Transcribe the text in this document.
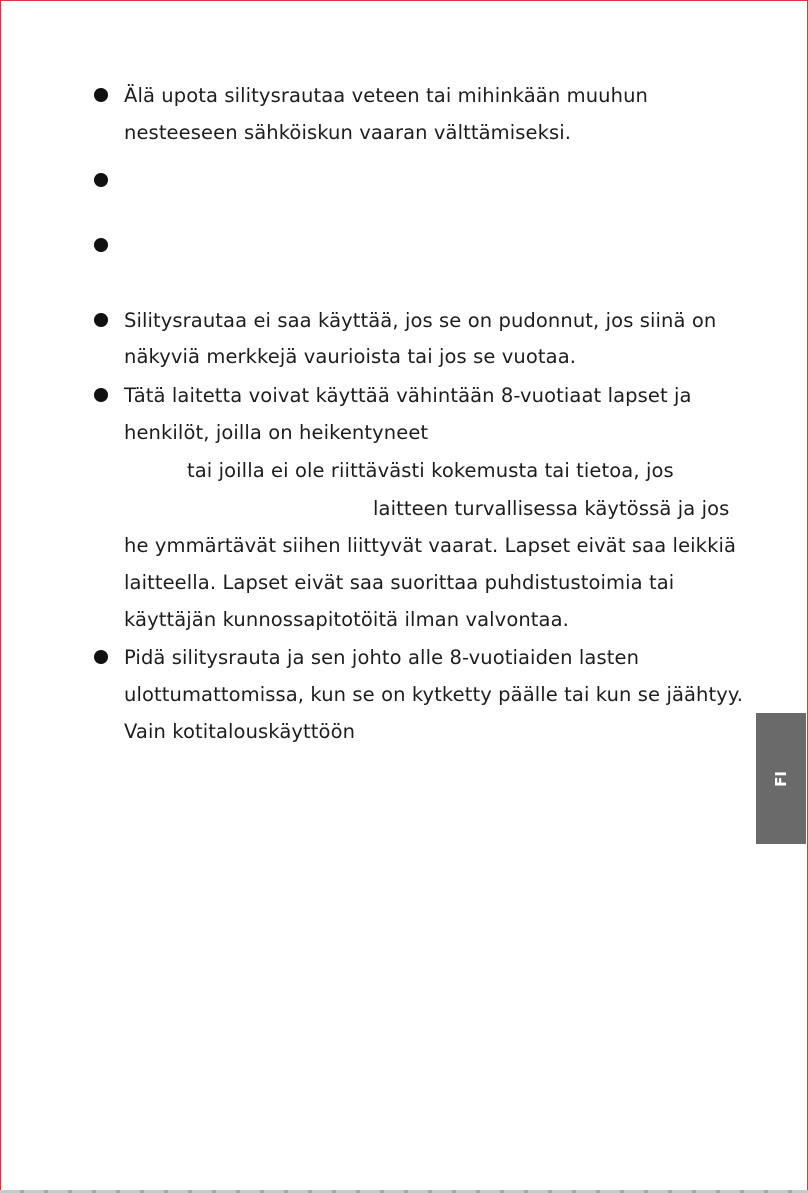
Älä upota silitysrautaa veteen tai mihinkään muuhun
nesteeseen sähköiskun vaaran välttämiseksi.
Silitysrautaa ei saa käyttää, jos se on pudonnut, jos siinä on
näkyviä merkkejä vaurioista tai jos se vuotaa.
Tätä laitetta voivat käyttää vähintään 8-vuotiaat lapset ja
henkilöt, joilla on heikentyneet
tai joilla ei ole riittävästi kokemusta tai tietoa, jos
laitteen turvallisessa käytössä ja jos
he ymmärtävät siihen liittyvät vaarat. Lapset eivät saa leikkiä
laitteella. Lapset eivät saa suorittaa puhdistustoimia tai
käyttäjän kunnossapitotöitä ilman valvontaa.
Pidä silitysrauta ja sen johto alle 8-vuotiaiden lasten
ulottumattomissa, kun se on kytketty päälle tai kun se jäähtyy.
Vain kotitalouskäyttöön
FI
